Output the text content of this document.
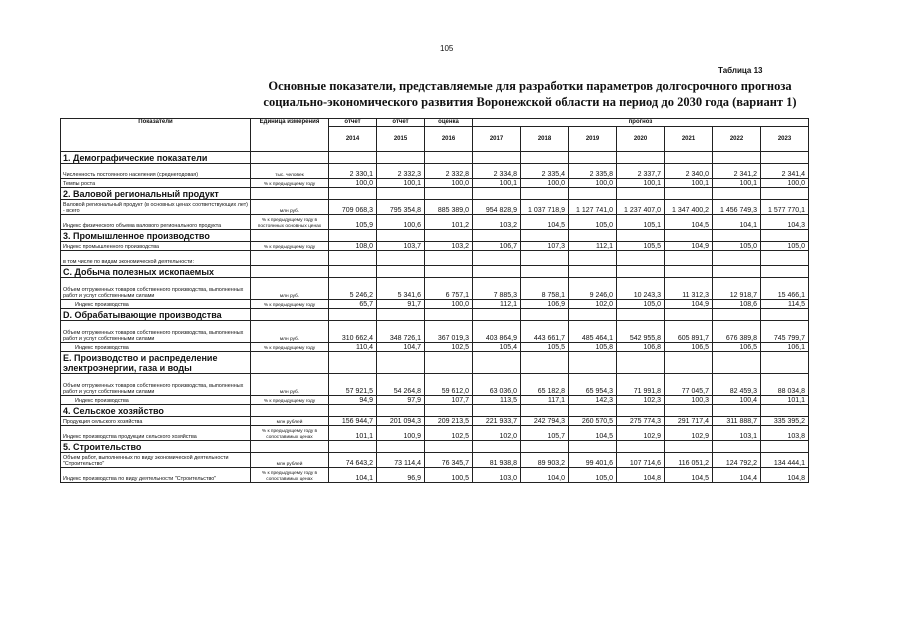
105
Таблица 13
Основные показатели, представляемые для разработки параметров долгосрочного прогноза социально-экономического развития Воронежской области на период до 2030 года (вариант 1)
Показатели	Единица измерения	отчет	отчет	оценка	прогноз						
		2014	2015	2016	2017	2018	2019	2020	2021	2022	2023
1. Демографические показатели											
Численность постоянного населения (среднегодовая)	тыс. человек	2 330,1	2 332,3	2 332,8	2 334,8	2 335,4	2 335,8	2 337,7	2 340,0	2 341,2	2 341,4
Темпы роста	% к предыдущему году	100,0	100,1	100,0	100,1	100,0	100,0	100,1	100,1	100,1	100,0
2. Валовой региональный продукт											
Валовой региональный продукт (в основных ценах соответствующих лет) - всего	млн руб.	709 068,3	795 354,8	885 389,0	954 828,9	1 037 718,9	1 127 741,0	1 237 407,0	1 347 400,2	1 456 749,3	1 577 770,1
Индекс физического объема валового регионального продукта	% к предыдущему году в постоянных основных ценах	105,9	100,6	101,2	103,2	104,5	105,0	105,1	104,5	104,1	104,3
3. Промышленное производство											
Индекс промышленного производства	% к предыдущему году	108,0	103,7	103,2	106,7	107,3	112,1	105,5	104,9	105,0	105,0
в том числе по видам экономической деятельности:											
C. Добыча полезных ископаемых											
Объем отгруженных товаров собственного производства, выполненных работ и услуг собственными силами	млн руб.	5 246,2	5 341,6	6 757,1	7 885,3	8 758,1	9 246,0	10 243,3	11 312,3	12 918,7	15 466,1
Индекс производства	% к предыдущему году	65,7	91,7	100,0	112,1	106,9	102,0	105,0	104,9	108,6	114,5
D. Обрабатывающие производства											
Объем отгруженных товаров собственного производства, выполненных работ и услуг собственными силами	млн руб.	310 662,4	348 726,1	367 019,3	403 864,9	443 661,7	485 464,1	542 955,8	605 891,7	676 389,8	745 799,7
Индекс производства	% к предыдущему году	110,4	104,7	102,5	105,4	105,5	105,8	106,8	106,5	106,5	106,1
E. Производство и распределение электроэнергии, газа и воды											
Объем отгруженных товаров собственного производства, выполненных работ и услуг собственными силами	млн руб.	57 921,5	54 264,8	59 612,0	63 036,0	65 182,8	65 954,3	71 991,8	77 045,7	82 459,3	88 034,8
Индекс производства	% к предыдущему году	94,9	97,9	107,7	113,5	117,1	142,3	102,3	100,3	100,4	101,1
4. Сельское хозяйство											
Продукция сельского хозяйства	млн рублей	156 944,7	201 094,3	209 213,5	221 933,7	242 794,3	260 570,5	275 774,3	291 717,4	311 888,7	335 395,2
Индекс производства продукции сельского хозяйства	% к предыдущему году в сопоставимых ценах	101,1	100,9	102,5	102,0	105,7	104,5	102,9	102,9	103,1	103,8
5. Строительство											
Объем работ, выполненных по виду экономической деятельности "Строительство"	млн рублей	74 643,2	73 114,4	76 345,7	81 938,8	89 903,2	99 401,6	107 714,6	116 051,2	124 792,2	134 444,1
Индекс производства по виду деятельности "Строительство"	% к предыдущему году в сопоставимых ценах	104,1	96,9	100,5	103,0	104,0	105,0	104,8	104,5	104,4	104,8
